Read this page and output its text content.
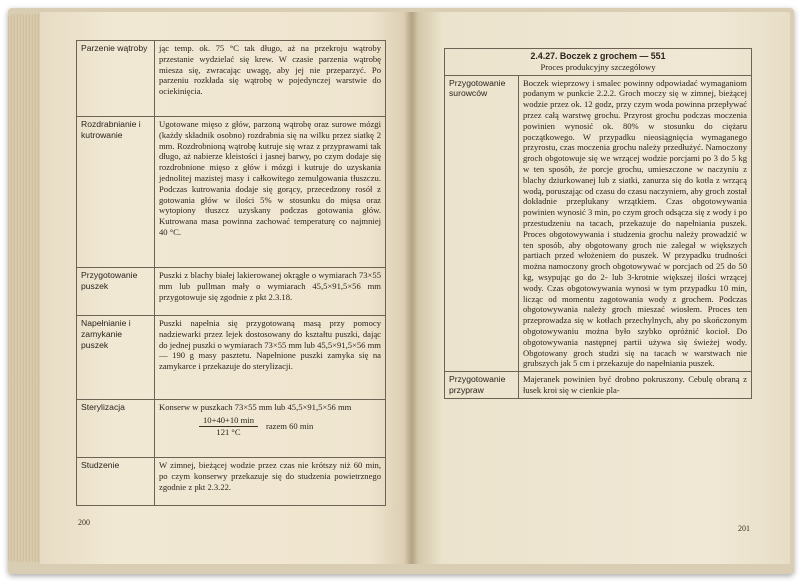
Parzenie wątroby	jąc temp. ok. 75 °C tak długo, aż na przekroju wątroby przestanie wydzielać się krew. W czasie parzenia wątrobę miesza się, zwracając uwagę, aby jej nie przeparzyć. Po parzeniu rozkłada się wątrobę w pojedynczej warstwie do ociekinięcia.
Rozdrabnianie i kutrowanie	Ugotowane mięso z głów, parzoną wątrobę oraz surowe mózgi (każdy składnik osobno) rozdrabnia się na wilku przez siatkę 2 mm. Rozdrobnioną wątrobę kutruje się wraz z przyprawami tak długo, aż nabierze kleistości i jasnej barwy, po czym dodaje się rozdrobnione mięso z głów i mózgi i kutruje do uzyskania jednolitej mazistej masy i całkowitego zemulgowania tłuszczu. Podczas kutrowania dodaje się gorący, przecedzony rosół z gotowania głów w ilości 5% w stosunku do mięsa oraz wytopiony tłuszcz uzyskany podczas gotowania głów. Kutrowana masa powinna zachować temperaturę co najmniej 40 °C.
Przygotowanie puszek	Puszki z blachy białej lakierowanej okrągłe o wymiarach 73×55 mm lub pullman mały o wymiarach 45,5×91,5×56 mm przygotowuje się zgodnie z pkt 2.3.18.
Napełnianie i zamykanie puszek	Puszki napełnia się przygotowaną masą przy pomocy nadziewarki przez lejek dostosowany do kształtu puszki, dając do jednej puszki o wymiarach 73×55 mm lub 45,5×91,5×56 mm — 190 g masy pasztetu. Napełnione puszki zamyka się na zamykarce i przekazuje do sterylizacji.
Sterylizacja	Konserw w puszkach 73×55 mm lub 45,5×91,5×56 mm
$\frac{10+40+10 \min}{121 ^\circ C}$ razem 60 min

Studzenie	W zimnej, bieżącej wodzie przez czas nie krótszy niż 60 min, po czym konserwy przekazuje się do studzenia powietrznego zgodnie z pkt 2.3.22.
200
2.4.27. Boczek z grochem — 551
Proces produkcyjny szczegółowy	

Przygotowanie surowców	Boczek wieprzowy i smalec powinny odpowiadać wymaganiom podanym w punkcie 2.2.2. Groch moczy się w zimnej, bieżącej wodzie przez ok. 12 godz, przy czym woda powinna przepływać przez całą warstwę grochu. Przyrost grochu podczas moczenia powinien wynosić ok. 80% w stosunku do ciężaru początkowego. W przypadku nieosiągnięcia wymaganego przyrostu, czas moczenia grochu należy przedłużyć. Namoczony groch obgotowuje się we wrzącej wodzie porcjami po 3 do 5 kg w ten sposób, że porcje grochu, umieszczone w naczyniu z blachy dziurkowanej lub z siatki, zanurza się do kotła z wrzącą wodą, poruszając od czasu do czasu naczyniem, aby groch został dokładnie przeplukany wrzątkiem. Czas obgotowywania powinien wynosić 3 min, po czym groch odsącza się z wody i po przestudzeniu na tacach, przekazuje do napełniania puszek. Proces obgotowywania i studzenia grochu należy prowadzić w ten sposób, aby obgotowany groch nie zalegał w większych partiach przed włożeniem do puszek. W przypadku trudności można namoczony groch obgotowywać w porcjach od 25 do 50 kg, wsypując go do 2- lub 3-krotnie większej ilości wrzącej wody. Czas obgotowywania wynosi w tym przypadku 10 min, licząc od momentu zagotowania wody z grochem. Podczas obgotowywania należy groch mieszać wiosłem. Proces ten przeprowadza się w kotłach przechylnych, aby po skończonym obgotowywaniu można było szybko opróżnić kocioł. Do obgotowywania następnej partii używa się świeżej wody. Obgotowany groch studzi się na tacach w warstwach nie grubszych jak 5 cm i przekazuje do napełniania puszek.
Przygotowanie przypraw	Majeranek powinien być drobno pokruszony. Cebulę obraną z łusek kroi się w cienkie pla-
201
